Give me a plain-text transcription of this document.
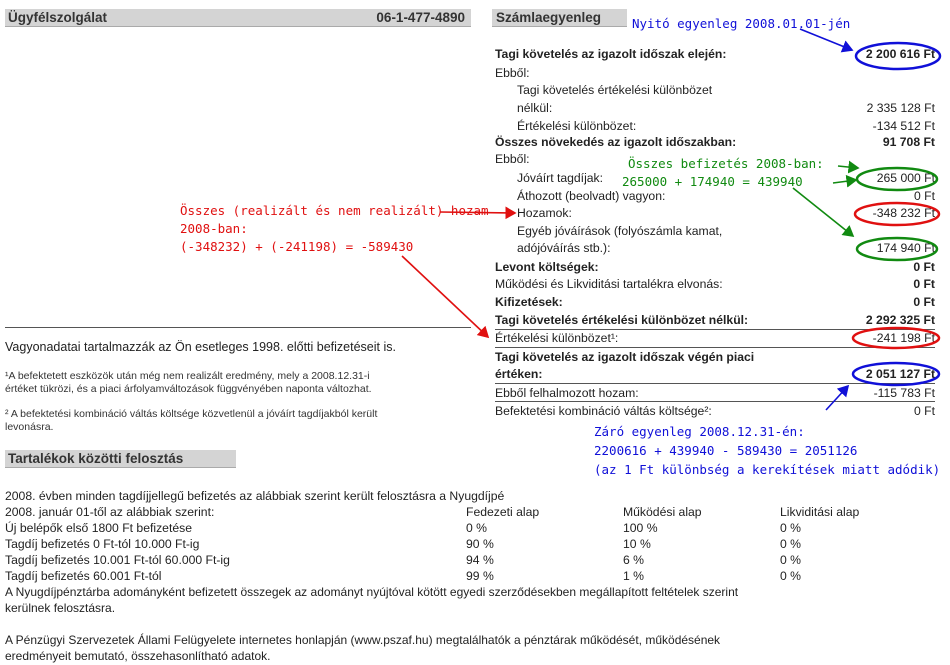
Ügyfélszolgálat	06-1-477-4890 Számlaegyenleg Nyitó egyenleg 2008.01.01-jén
Tagi követelés az igazolt időszak elején:	2 200 616 Ft
Ebből:
Tagi követelés értékelési különbözet
nélkül:	2 335 128 Ft
Értékelési különbözet:	-134 512 Ft
Összes növekedés az igazolt időszakban:	91 708 Ft
Ebből:
Jóváírt tagdíjak:	265 000 Ft
Áthozott (beolvadt) vagyon:	0 Ft
Hozamok:	-348 232 Ft
Egyéb jóváírások (folyószámla kamat,
adójóváírás stb.):	174 940 Ft
Levont költségek:	0 Ft
Működési és Likviditási tartalékra elvonás:	0 Ft
Kifizetések:	0 Ft
Tagi követelés értékelési különbözet nélkül:	2 292 325 Ft
Értékelési különbözet¹:	-241 198 Ft
Tagi követelés az igazolt időszak végén piaci
értéken:	2 051 127 Ft
Ebből felhalmozott hozam:	-115 783 Ft
Befektetési kombináció váltás költsége²:	0 Ft
Összes befizetés 2008-ban:
265000 + 174940 = 439940
Összes (realizált és nem realizált) hozam
2008-ban:
(-348232) + (-241198) = -589430
Záró egyenleg 2008.12.31-én:
2200616 + 439940 - 589430 = 2051126
(az 1 Ft különbség a kerekítések miatt adódik)
Vagyonadatai tartalmazzák az Ön esetleges 1998. előtti befizetéseit is.
¹A befektetett eszközök után még nem realizált eredmény, mely a 2008.12.31-i
értéket tükrözi, és a piaci árfolyamváltozások függvényében naponta változhat.
² A befektetési kombináció váltás költsége közvetlenül a jóváírt tagdíjakból került
levonásra.
Tartalékok közötti felosztás
2008. évben minden tagdíjjellegű befizetés az alábbiak szerint került felosztásra a Nyugdíjpé
2008. január 01-től az alábbiak szerint:	Fedezeti alap	Működési alap	Likviditási alap
Új belépők első 1800 Ft befizetése	0 %	100 %	0 %
Tagdíj befizetés 0 Ft-tól 10.000 Ft-ig	90 %	10 %	0 %
Tagdíj befizetés 10.001 Ft-tól 60.000 Ft-ig	94 %	6 %	0 %
Tagdíj befizetés 60.001 Ft-tól	99 %	1 %	0 %
A Nyugdíjpénztárba adományként befizetett összegek az adományt nyújtóval kötött egyedi szerződésekben megállapított feltételek szerint
kerülnek felosztásra.
A Pénzügyi Szervezetek Állami Felügyelete internetes honlapján (www.pszaf.hu) megtalálhatók a pénztárak működését, működésének
eredményeit bemutató, összehasonlítható adatok.
